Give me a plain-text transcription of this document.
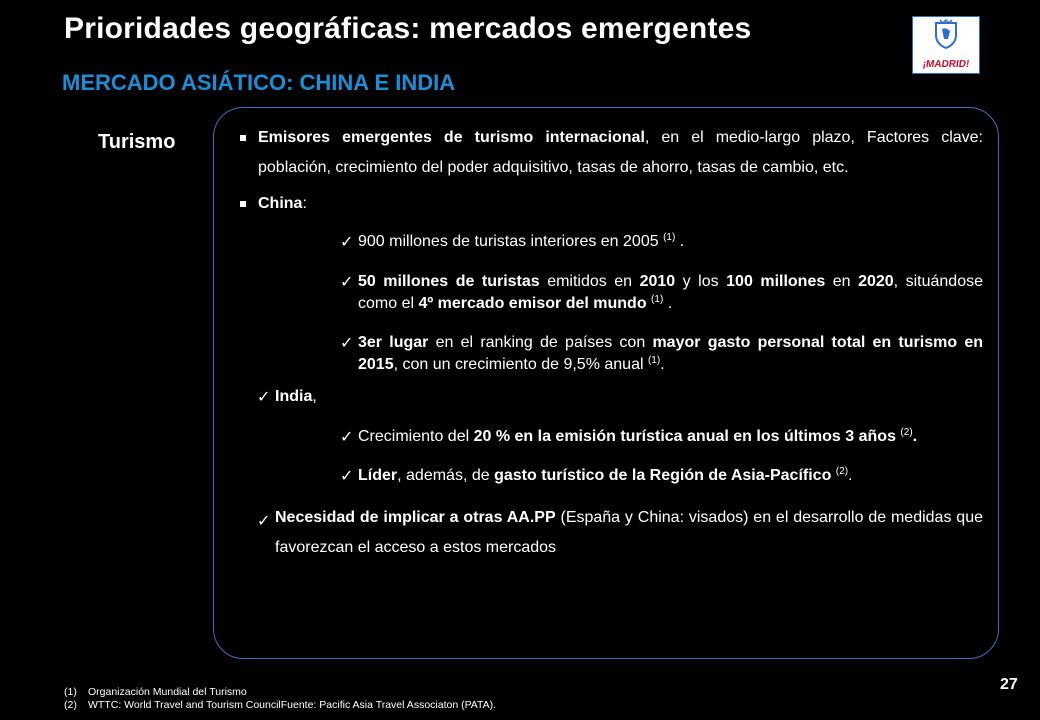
Prioridades geográficas: mercados emergentes
MERCADO ASIÁTICO: CHINA E INDIA
¡MADRID!
Turismo	Emisores emergentes de turismo internacional, en el medio-largo plazo, Factores clave: población, crecimiento del poder adquisitivo, tasas de ahorro, tasas de cambio, etc.
China:
✓ 900 millones de turistas interiores en 2005 $^{(1)}$ .
✓ 50 millones de turistas emitidos en 2010 y los 100 millones en 2020, situándose como el 4º mercado emisor del mundo $^{(1)}$ .
✓ 3er lugar en el ranking de países con mayor gasto personal total en turismo en 2015, con un crecimiento de 9,5% anual $^{(1)}$.
✓ India,
✓ Crecimiento del 20 % en la emisión turística anual en los últimos 3 años $^{(2)}$.
✓ Líder, además, de gasto turístico de la Región de Asia-Pacífico $^{(2)}$.
✓ Necesidad de implicar a otras AA.PP (España y China: visados) en el desarrollo de medidas que favorezcan el acceso a estos mercados
27
(1)	Organización Mundial del Turismo
(2)	WTTC: World Travel and Tourism CouncilFuente: Pacific Asia Travel Associaton (PATA).
